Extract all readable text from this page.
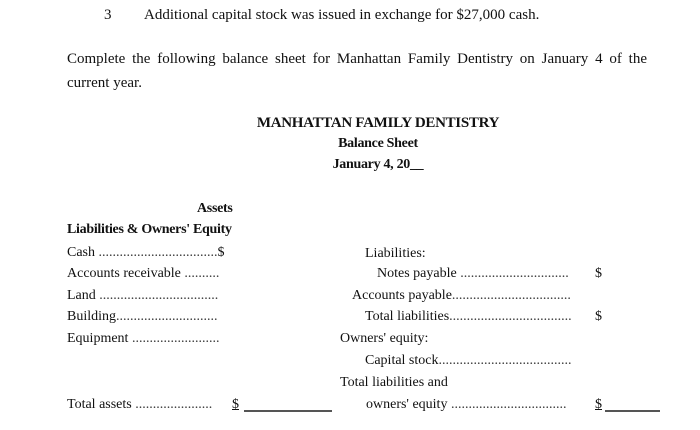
3 Additional capital stock was issued in exchange for $27,000 cash.
Complete the following balance sheet for Manhattan Family Dentistry on January 4 of the current year.
MANHATTAN FAMILY DENTISTRY
Balance Sheet
January 4, 20__
Assets
Liabilities & Owners' Equity
Cash ..................................$
Accounts receivable ..........
Land ..................................
Building.............................
Equipment .........................
Total assets ...................... $
Liabilities:
Notes payable ............................... $
Accounts payable..................................
Total liabilities................................... $
Owners' equity:
Capital stock......................................
Total liabilities and
owners' equity ................................. $
